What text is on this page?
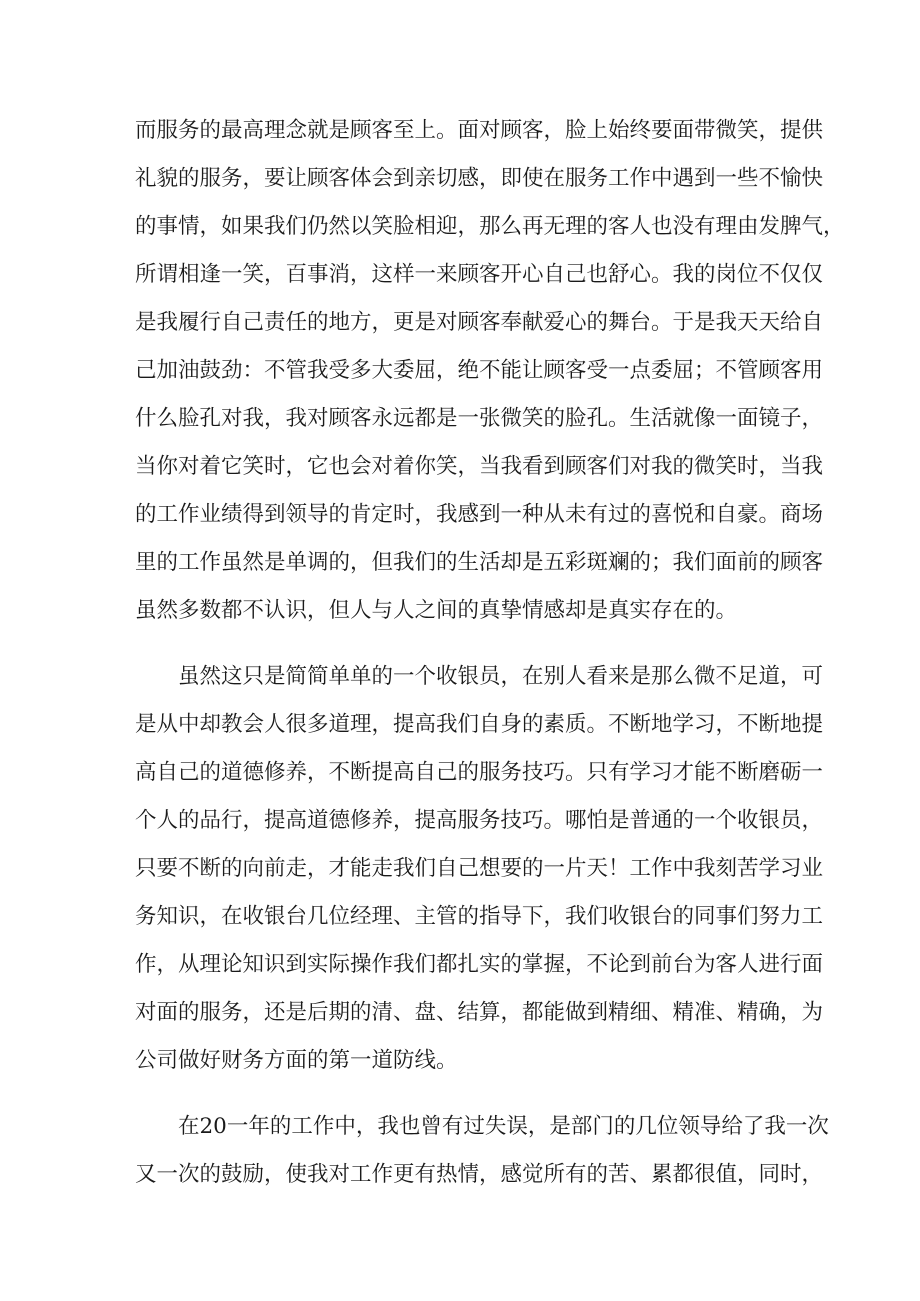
而服务的最高理念就是顾客至上。面对顾客，脸上始终要面带微笑，提供
礼貌的服务，要让顾客体会到亲切感，即使在服务工作中遇到一些不愉快
的事情，如果我们仍然以笑脸相迎，那么再无理的客人也没有理由发脾气，
所谓相逢一笑，百事消，这样一来顾客开心自己也舒心。我的岗位不仅仅
是我履行自己责任的地方，更是对顾客奉献爱心的舞台。于是我天天给自
己加油鼓劲：不管我受多大委屈，绝不能让顾客受一点委屈；不管顾客用
什么脸孔对我，我对顾客永远都是一张微笑的脸孔。生活就像一面镜子，
当你对着它笑时，它也会对着你笑，当我看到顾客们对我的微笑时，当我
的工作业绩得到领导的肯定时，我感到一种从未有过的喜悦和自豪。商场
里的工作虽然是单调的，但我们的生活却是五彩斑斓的；我们面前的顾客
虽然多数都不认识，但人与人之间的真挚情感却是真实存在的。
虽然这只是简简单单的一个收银员，在别人看来是那么微不足道，可
是从中却教会人很多道理，提高我们自身的素质。不断地学习，不断地提
高自己的道德修养，不断提高自己的服务技巧。只有学习才能不断磨砺一
个人的品行，提高道德修养，提高服务技巧。哪怕是普通的一个收银员，
只要不断的向前走，才能走我们自己想要的一片天！工作中我刻苦学习业
务知识，在收银台几位经理、主管的指导下，我们收银台的同事们努力工
作，从理论知识到实际操作我们都扎实的掌握，不论到前台为客人进行面
对面的服务，还是后期的清、盘、结算，都能做到精细、精准、精确，为
公司做好财务方面的第一道防线。
在20一年的工作中，我也曾有过失误，是部门的几位领导给了我一次
又一次的鼓励，使我对工作更有热情，感觉所有的苦、累都很值，同时，
